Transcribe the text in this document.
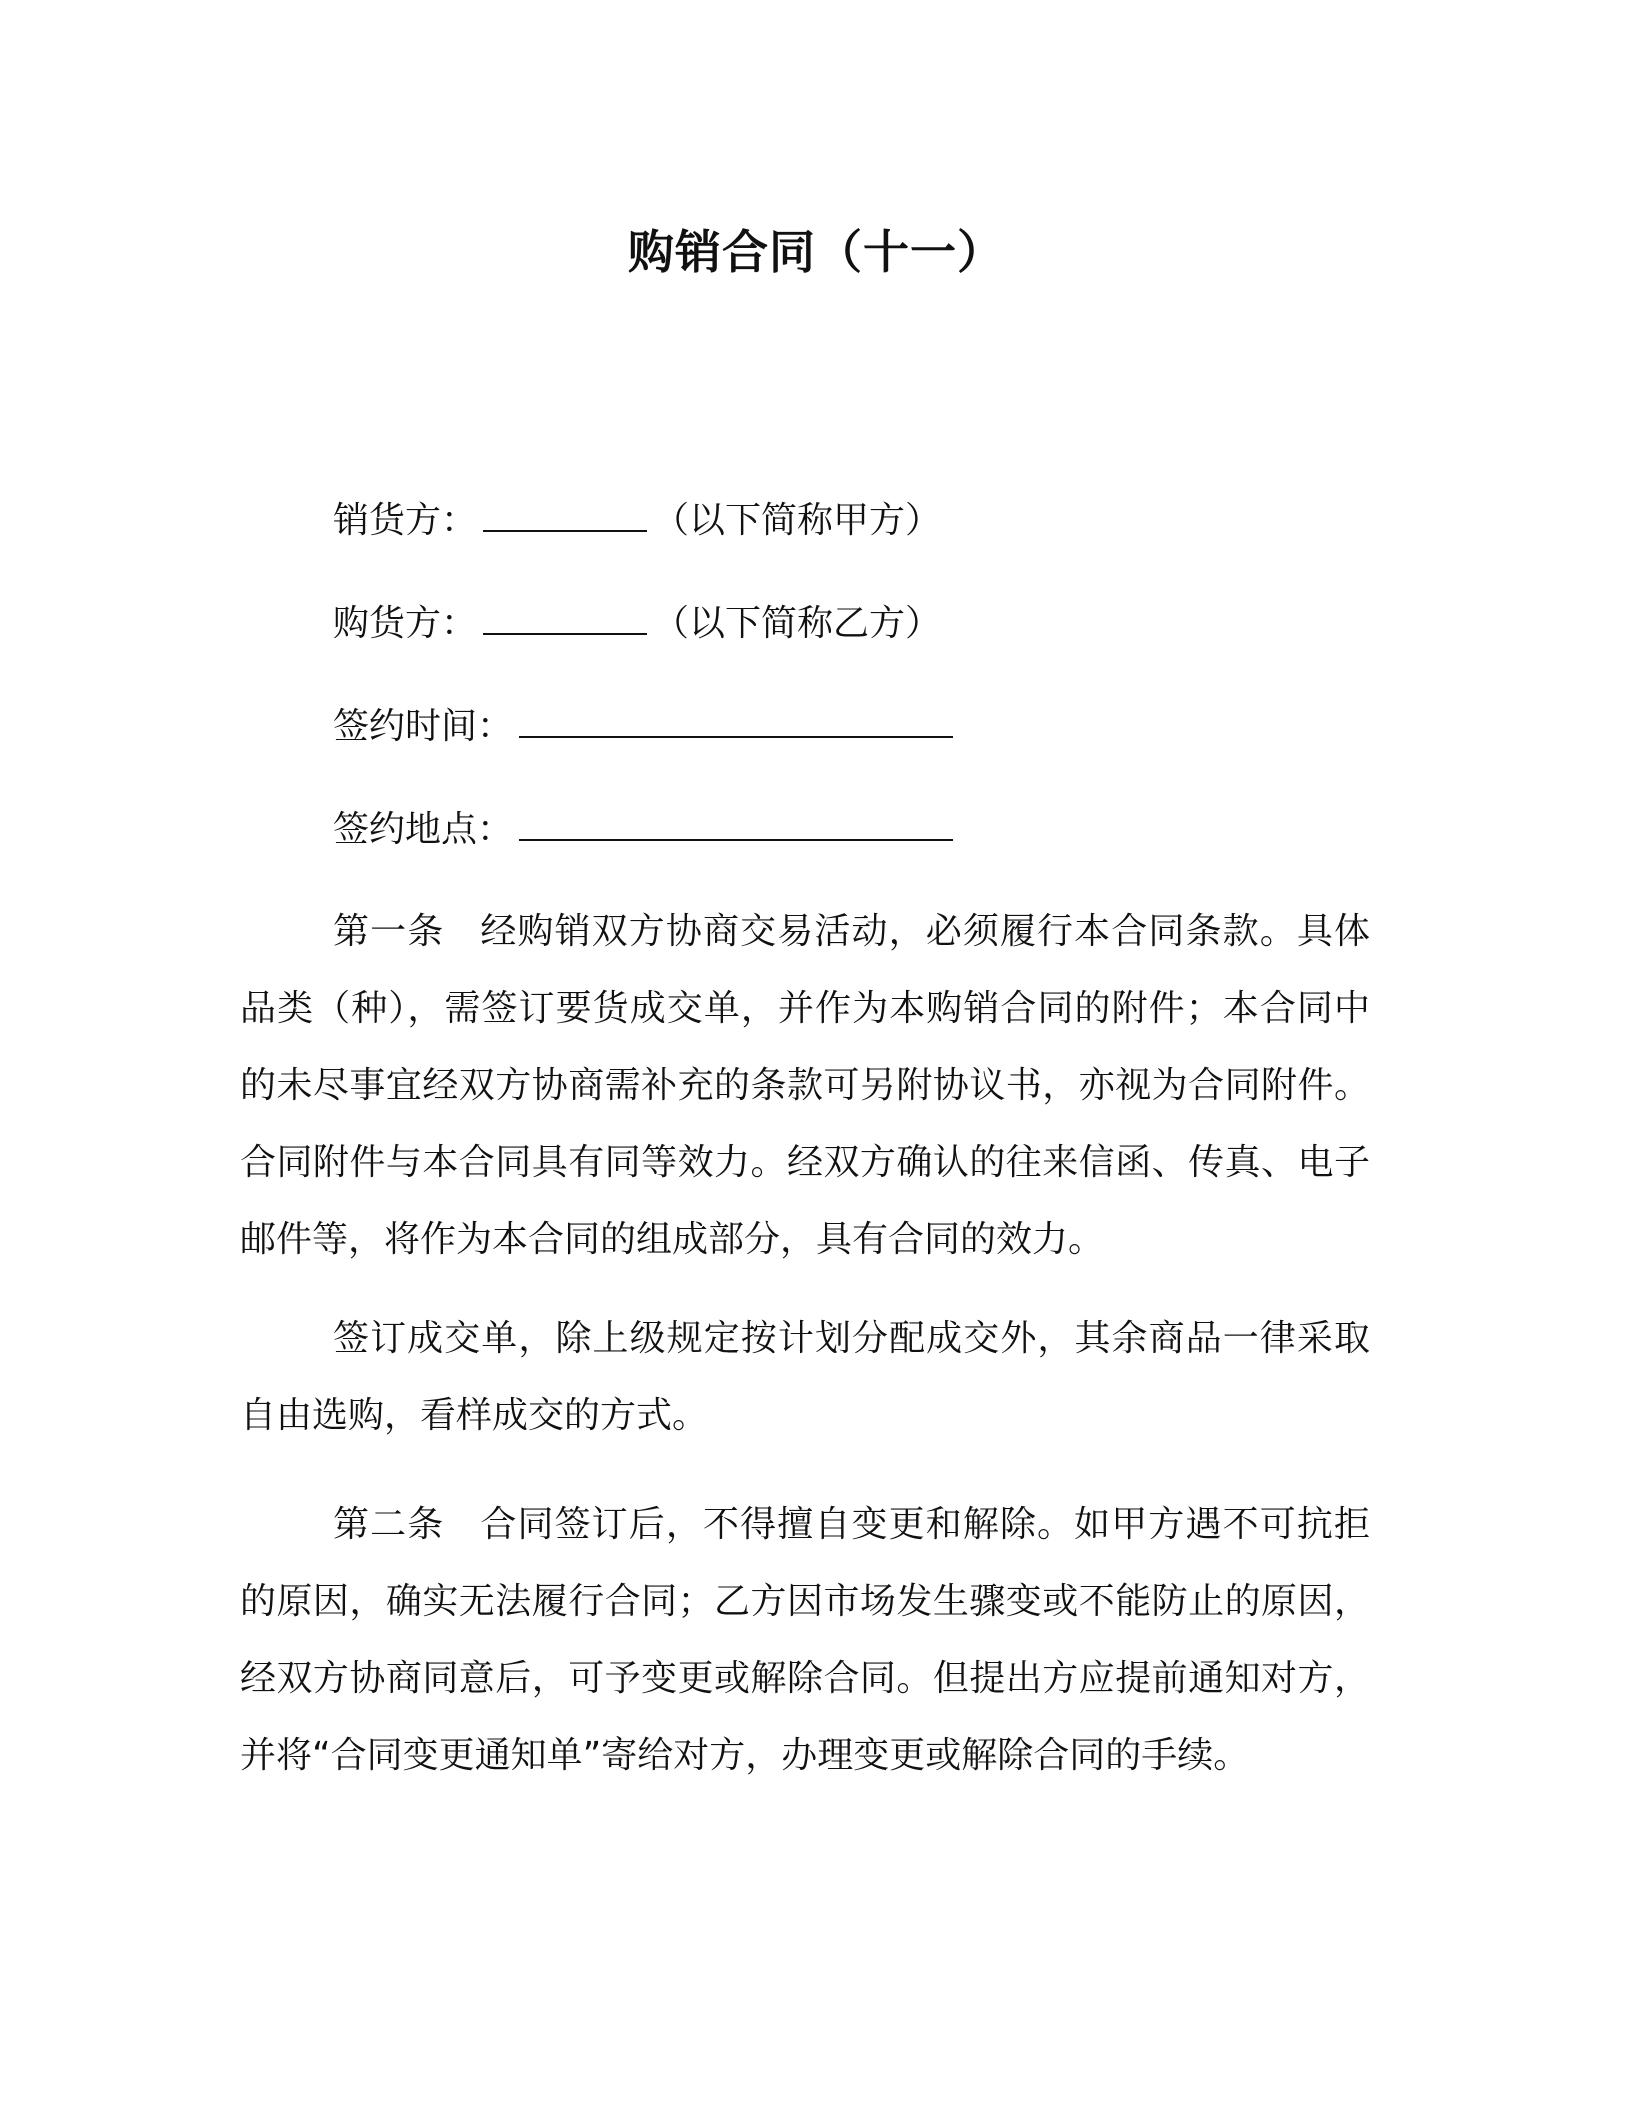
购销合同（十一）
销货方：	（以下简称甲方）
购货方：	（以下简称乙方）
签约时间：
签约地点：

第一条 经购销双方协商交易活动，必须履行本合同条款。具体品类（种），需签订要货成交单，并作为本购销合同的附件；本合同中的未尽事宜经双方协商需补充的条款可另附协议书，亦视为合同附件。合同附件与本合同具有同等效力。经双方确认的往来信函、传真、电子邮件等，将作为本合同的组成部分，具有合同的效力。

签订成交单，除上级规定按计划分配成交外，其余商品一律采取自由选购，看样成交的方式。

第二条 合同签订后，不得擅自变更和解除。如甲方遇不可抗拒的原因，确实无法履行合同；乙方因市场发生骤变或不能防止的原因，经双方协商同意后，可予变更或解除合同。但提出方应提前通知对方，并将“合同变更通知单”寄给对方，办理变更或解除合同的手续。
